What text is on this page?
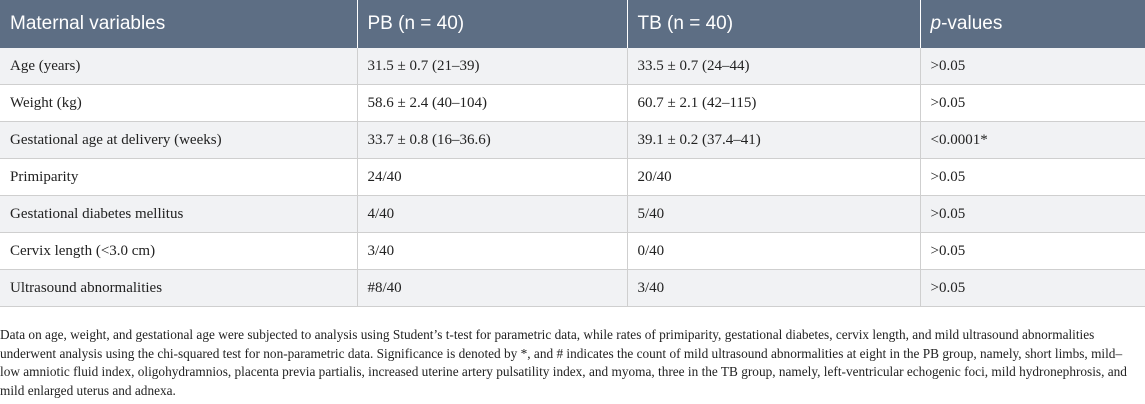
Maternal variables	PB (n = 40)	TB (n = 40)	p-values
Age (years)	31.5 ± 0.7 (21–39)	33.5 ± 0.7 (24–44)	>0.05
Weight (kg)	58.6 ± 2.4 (40–104)	60.7 ± 2.1 (42–115)	>0.05
Gestational age at delivery (weeks)	33.7 ± 0.8 (16–36.6)	39.1 ± 0.2 (37.4–41)	<0.0001*
Primiparity	24/40	20/40	>0.05
Gestational diabetes mellitus	4/40	5/40	>0.05
Cervix length (<3.0 cm)	3/40	0/40	>0.05
Ultrasound abnormalities	#8/40	3/40	>0.05

Data on age, weight, and gestational age were subjected to analysis using Student’s t-test for parametric data, while rates of primiparity, gestational diabetes, cervix length, and mild ultrasound abnormalities underwent analysis using the chi-squared test for non-parametric data. Significance is denoted by *, and # indicates the count of mild ultrasound abnormalities at eight in the PB group, namely, short limbs, mild–low amniotic fluid index, oligohydramnios, placenta previa partialis, increased uterine artery pulsatility index, and myoma, three in the TB group, namely, left-ventricular echogenic foci, mild hydronephrosis, and mild enlarged uterus and adnexa.
